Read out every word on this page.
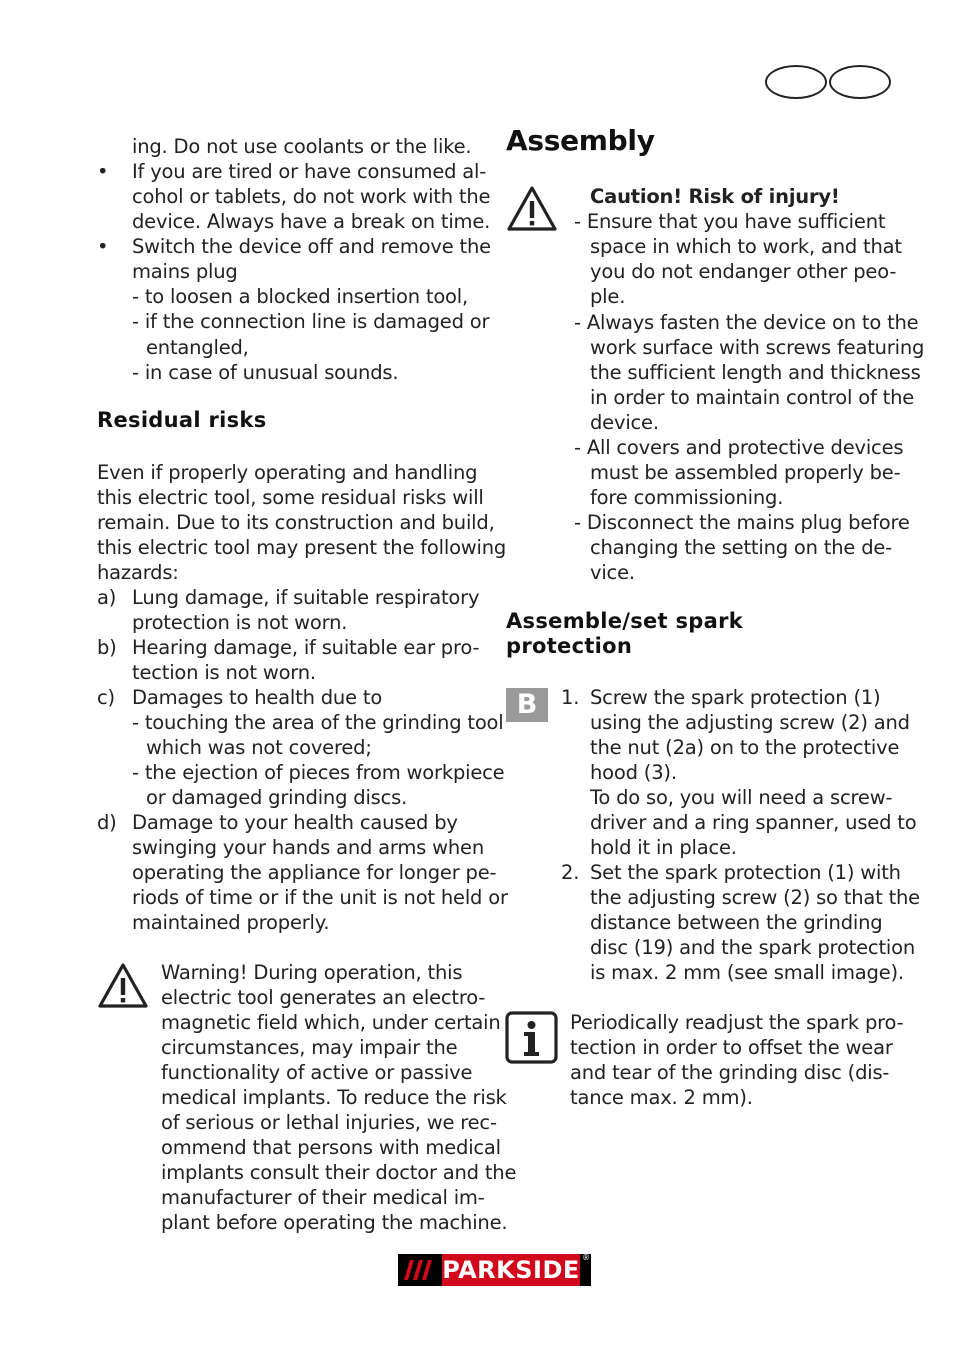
ing. Do not use coolants or the like.
• If you are tired or have consumed al-
cohol or tablets, do not work with the
device. Always have a break on time.
• Switch the device off and remove the
mains plug
- to loosen a blocked insertion tool,
- if the connection line is damaged or
entangled,
- in case of unusual sounds.
Residual risks
Even if properly operating and handling
this electric tool, some residual risks will
remain. Due to its construction and build,
this electric tool may present the following
hazards:
a) Lung damage, if suitable respiratory
protection is not worn.
b) Hearing damage, if suitable ear pro-
tection is not worn.
c) Damages to health due to
- touching the area of the grinding tool
which was not covered;
- the ejection of pieces from workpiece
or damaged grinding discs.
d) Damage to your health caused by
swinging your hands and arms when
operating the appliance for longer pe-
riods of time or if the unit is not held or
maintained properly.
Warning! During operation, this
electric tool generates an electro-
magnetic field which, under certain
circumstances, may impair the
functionality of active or passive
medical implants. To reduce the risk
of serious or lethal injuries, we rec-
ommend that persons with medical
implants consult their doctor and the
manufacturer of their medical im-
plant before operating the machine.
Assembly
Caution! Risk of injury!
- Ensure that you have sufficient
space in which to work, and that
you do not endanger other peo-
ple.
- Always fasten the device on to the
work surface with screws featuring
the sufficient length and thickness
in order to maintain control of the
device.
- All covers and protective devices
must be assembled properly be-
fore commissioning.
- Disconnect the mains plug before
changing the setting on the de-
vice.
Assemble/set spark
protection
B	1. Screw the spark protection (1)
using the adjusting screw (2) and
the nut (2a) on to the protective
hood (3).
To do so, you will need a screw-
driver and a ring spanner, used to
hold it in place.
2. Set the spark protection (1) with
the adjusting screw (2) so that the
distance between the grinding
disc (19) and the spark protection
is max. 2 mm (see small image).
Periodically readjust the spark pro-
tection in order to offset the wear
and tear of the grinding disc (dis-
tance max. 2 mm).
PARKSIDE ®
